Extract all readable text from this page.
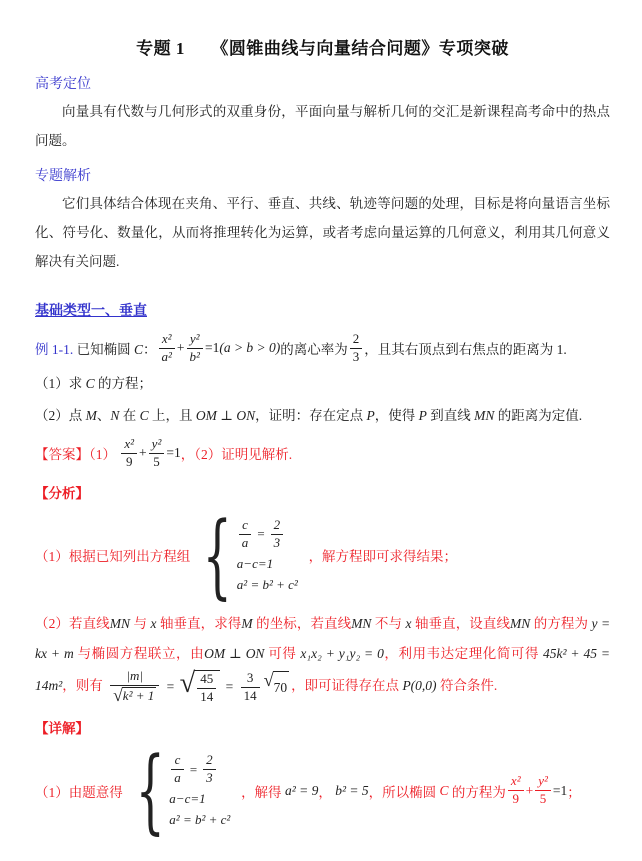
专题 1　　《圆锥曲线与向量结合问题》专项突破
高考定位

向量具有代数与几何形式的双重身份，平面向量与解析几何的交汇是新课程高考命中的热点问题。

专题解析

它们具体结合体现在夹角、平行、垂直、共线、轨迹等问题的处理，目标是将向量语言坐标化、符号化、数量化，从而将推理转化为运算，或者考虑向量运算的几何意义，利用其几何意义解决有关问题.

基础类型一、垂直
例 1-1. 已知椭圆 C： $\frac{\text{x²}}{\text{a²}} + \frac{\text{y²}}{\text{b²}} =1$ (a > b > 0) 的离心率为 $\frac{2}{3}$ ，且其右顶点到右焦点的距离为 1.

（1）求 C 的方程；

（2）点 M、N 在 C 上，且 OM ⊥ ON，证明：存在定点 P，使得 P 到直线 MN 的距离为定值.

【答案】$(1) \frac{\text{x²}}{9} + \frac{\text{y²}}{5} =1$ ，（2）证明见解析.
【分析】
（1）根据已知列出方程组 { $\frac{c}{a} = \frac{2}{3}$
a−c=1
a² = b² + c²
，解方程即可求得结果；

（2）若直线MN 与 x 轴垂直，求得M 的坐标，若直线MN 不与 x 轴垂直，设直线MN 的方程为 y = kx + m 与椭圆方程联立，由OM ⊥ ON 可得 x₁x₂ + y₁y₂ = 0，利用韦达定理化简可得 45k² + 45 = 14m²，则有 $\frac{|m|}{\text{√ k² + 1}}$ = √ $\frac{45}{14} = \frac{3}{14}$ √ 70 ，即可证得存在点 P(0,0) 符合条件.

【详解】
（1）由题意得 { $\frac{c}{a} = \frac{2}{3}$
a−c=1
a² = b² + c²
，解得 a² = 9 ， b² = 5 ，所以椭圆 C 的方程为 $\frac{\text{x²}}{9} + \frac{\text{y²}}{5} =1$ ；
